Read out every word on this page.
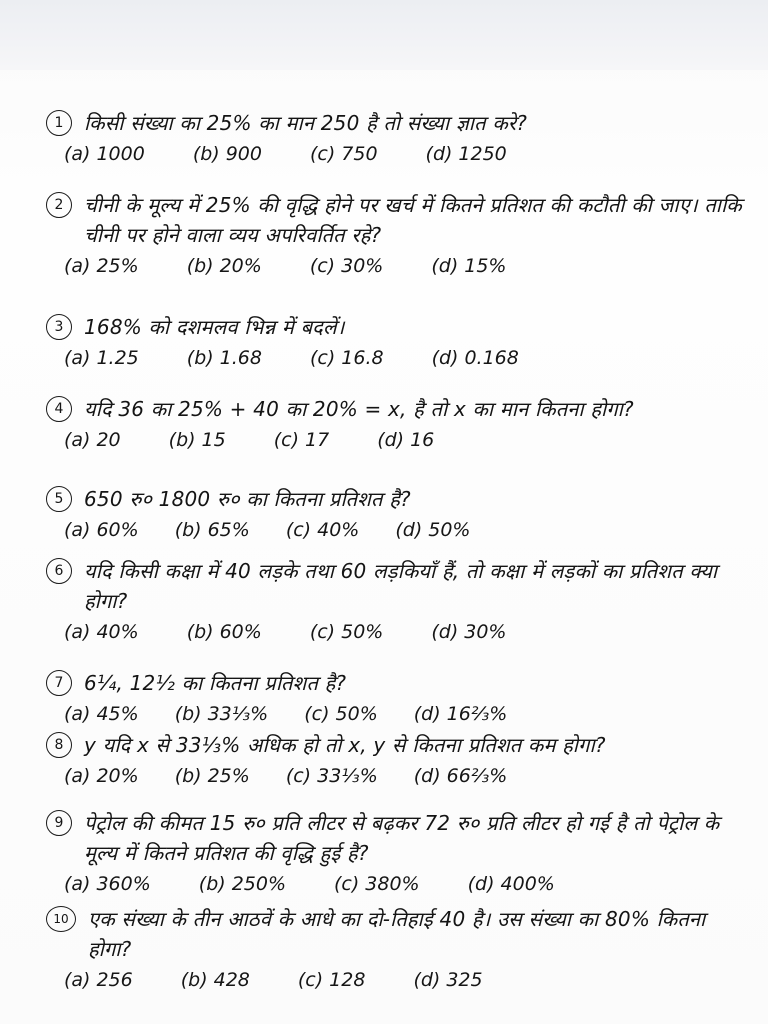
1	किसी संख्या का 25% का मान 250 है तो संख्या ज्ञात करे?
(a) 1000	(b) 900	(c) 750	(d) 1250
2	चीनी के मूल्य में 25% की वृद्धि होने पर खर्च में कितने प्रतिशत की कटौती की जाए। ताकि चीनी पर होने वाला व्यय अपरिवर्तित रहे?
(a) 25%	(b) 20%	(c) 30%	(d) 15%
3	168% को दशमलव भिन्न में बदलें।
(a) 1.25	(b) 1.68	(c) 16.8	(d) 0.168
4	यदि 36 का 25% + 40 का 20% = x, है तो x का मान कितना होगा?
(a) 20	(b) 15	(c) 17	(d) 16
5	650 रु० 1800 रु० का कितना प्रतिशत है?
(a) 60% (b) 65% (c) 40% (d) 50%
6	यदि किसी कक्षा में 40 लड़के तथा 60 लड़कियाँ हैं, तो कक्षा में लड़कों का प्रतिशत क्या होगा?
(a) 40%	(b) 60%	(c) 50%	(d) 30%
7	6¼, 12½ का कितना प्रतिशत है?
(a) 45% (b) 33⅓% (c) 50% (d) 16⅔%
8	y यदि x से 33⅓% अधिक हो तो x, y से कितना प्रतिशत कम होगा?
(a) 20% (b) 25% (c) 33⅓% (d) 66⅔%
9	पेट्रोल की कीमत 15 रु० प्रति लीटर से बढ़कर 72 रु० प्रति लीटर हो गई है तो पेट्रोल के मूल्य में कितने प्रतिशत की वृद्धि हुई है?
(a) 360%	(b) 250%	(c) 380%	(d) 400%
10 एक संख्या के तीन आठवें के आधे का दो-तिहाई 40 है। उस संख्या का 80% कितना होगा?
(a) 256	(b) 428	(c) 128	(d) 325
